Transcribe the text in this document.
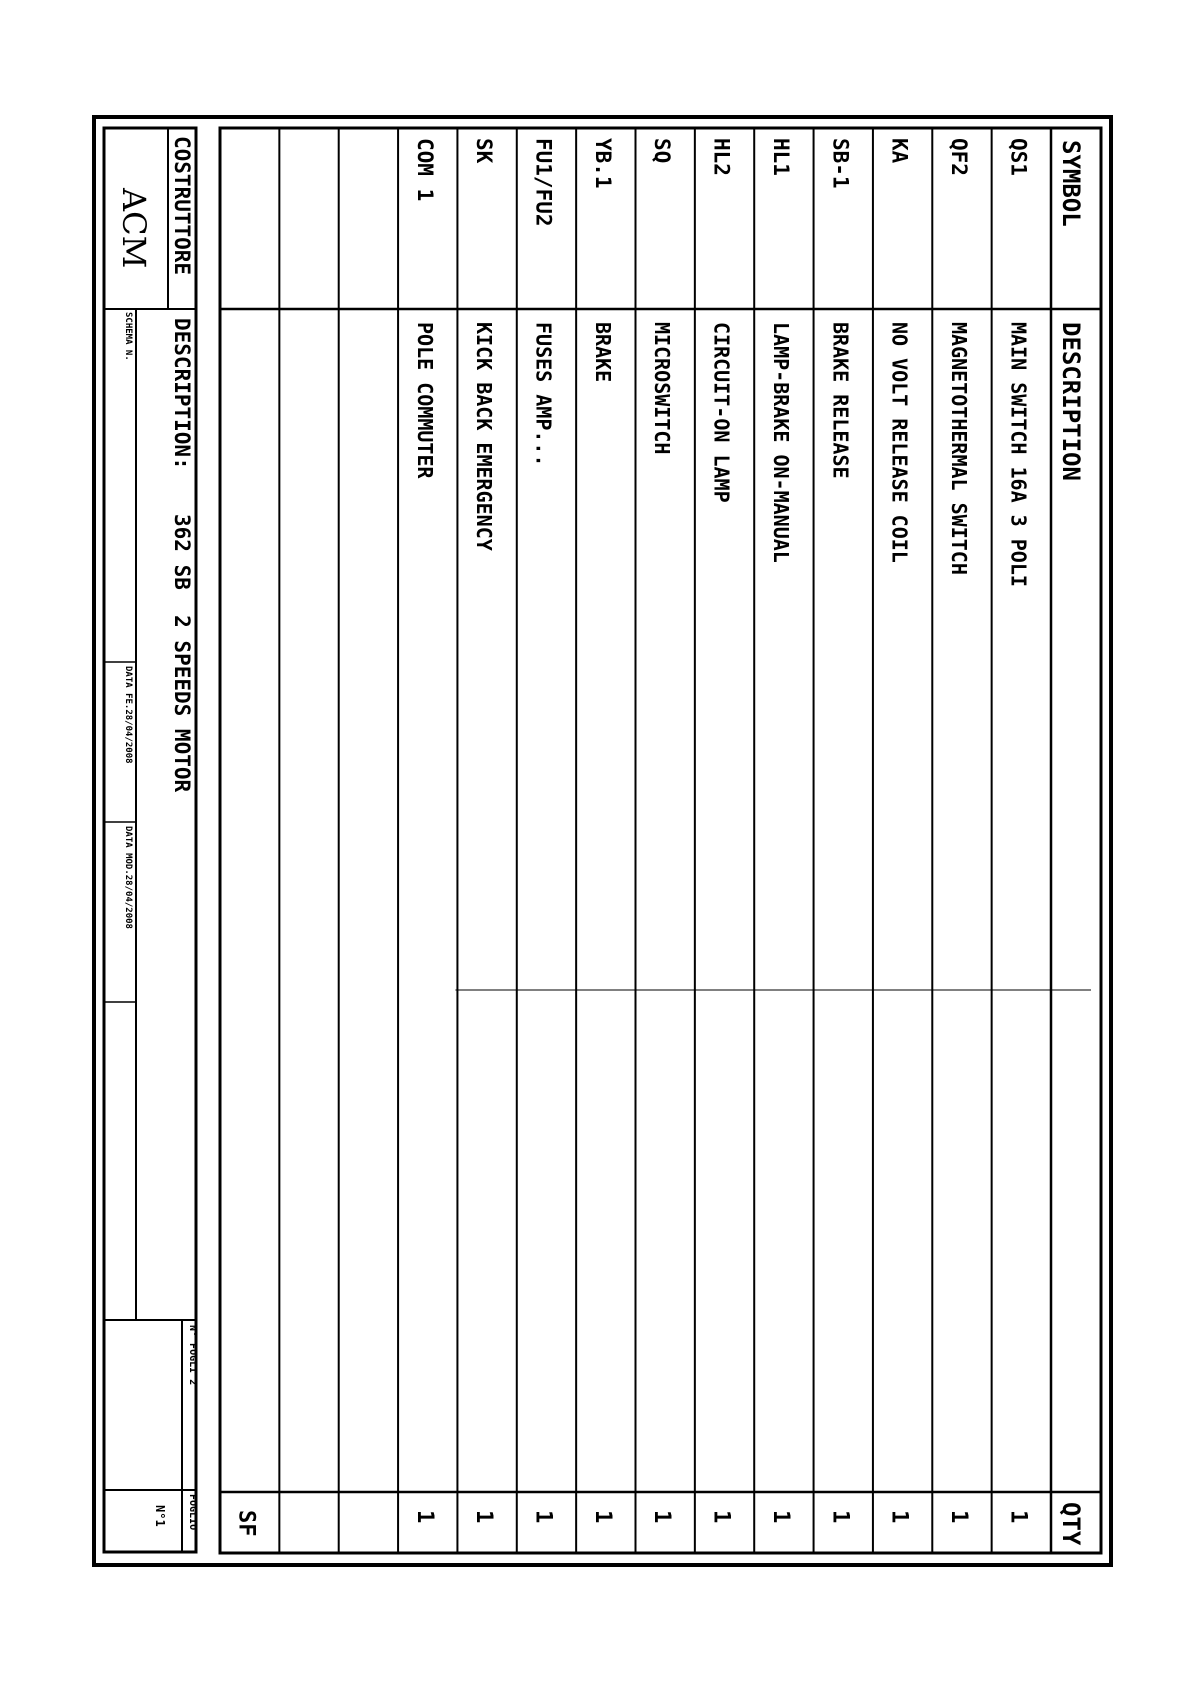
SYMBOL
DESCRIPTION
QTY
QS1
MAIN SWITCH 16A 3 POLI
1
QF2
MAGNETOTHERMAL SWITCH
1
KA
NO VOLT RELEASE COIL
1
SB-1
BRAKE RELEASE
1
HL1
LAMP-BRAKE ON-MANUAL
1
HL2
CIRCUIT-ON LAMP
1
SQ
MICROSWITCH
1
YB.1
BRAKE
1
FU1/FU2
FUSES AMP...
1
SK
KICK BACK EMERGENCY
1
COM 1
POLE COMMUTER
1
SF
COSTRUTTORE
ACM
DESCRIPTION:
362 SB  2 SPEEDS MOTOR
SCHEMA N.
DATA FE.28/04/2008
DATA MOD.28/04/2008
N° FOGLI 2
FOGLIO
N°1
